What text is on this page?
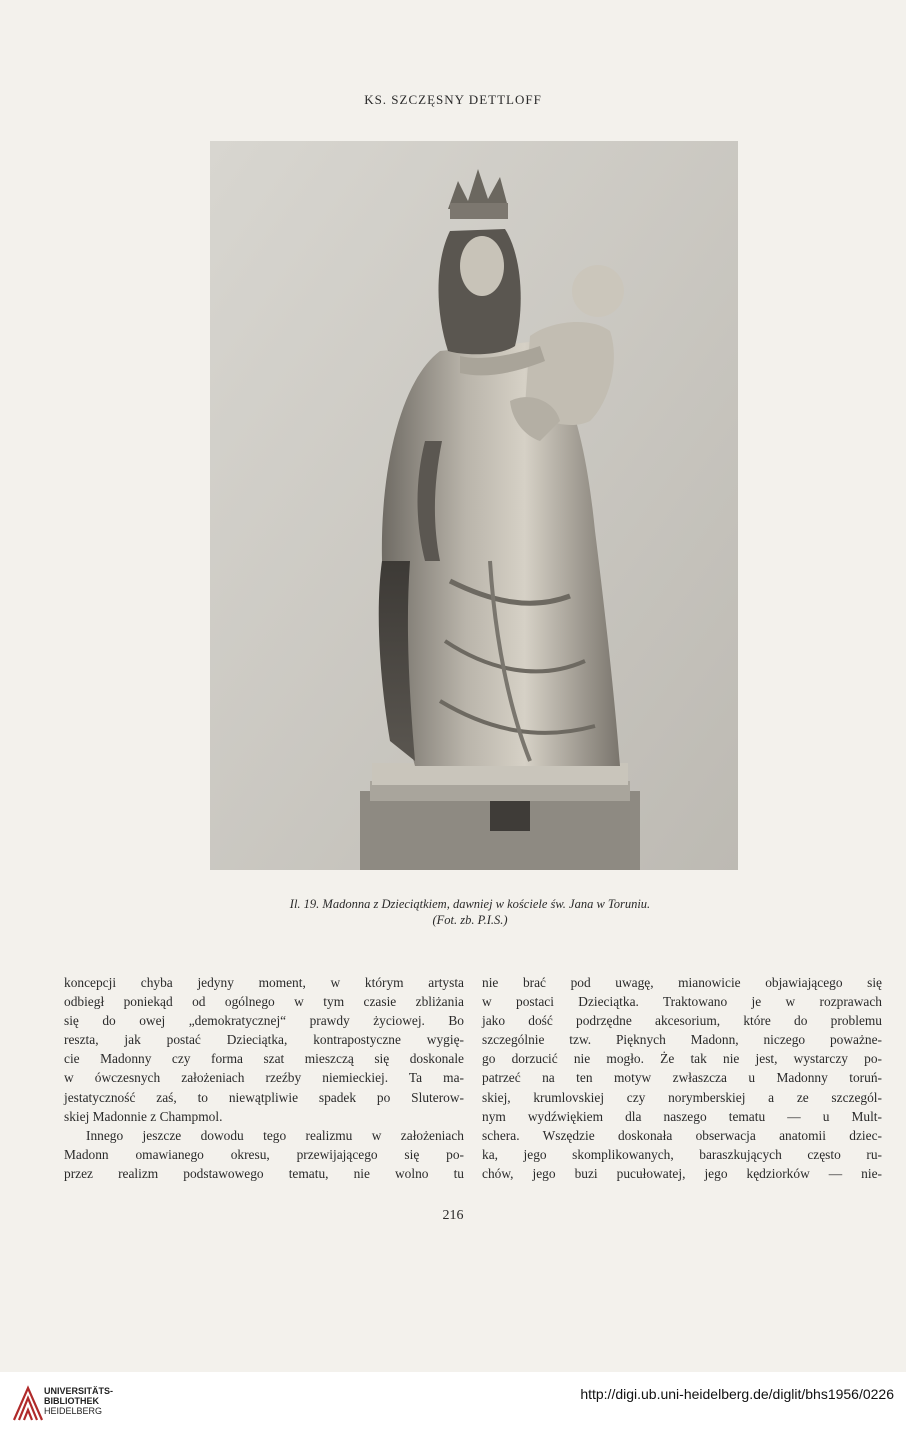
KS. SZCZĘSNY DETTLOFF
Il. 19. Madonna z Dzieciątkiem, dawniej w kościele św. Jana w Toruniu.
(Fot. zb. P.I.S.)
koncepcji chyba jedyny moment, w którym artysta
odbiegł poniekąd od ogólnego w tym czasie zbliżania
się do owej „demokratycznej“ prawdy życiowej. Bo
reszta, jak postać Dzieciątka, kontrapostyczne wygię-
cie Madonny czy forma szat mieszczą się doskonale
w ówczesnych założeniach rzeźby niemieckiej. Ta ma-
jestatyczność zaś, to niewątpliwie spadek po Sluterow-
skiej Madonnie z Champmol.
Innego jeszcze dowodu tego realizmu w założeniach
Madonn omawianego okresu, przewijającego się po-
przez realizm podstawowego tematu, nie wolno tu
nie brać pod uwagę, mianowicie objawiającego się
w postaci Dzieciątka. Traktowano je w rozprawach
jako dość podrzędne akcesorium, które do problemu
szczególnie tzw. Pięknych Madonn, niczego poważne-
go dorzucić nie mogło. Że tak nie jest, wystarczy po-
patrzeć na ten motyw zwłaszcza u Madonny toruń-
skiej, krumlovskiej czy norymberskiej a ze szczegól-
nym wydźwiękiem dla naszego tematu — u Mult-
schera. Wszędzie doskonała obserwacja anatomii dziec-
ka, jego skomplikowanych, baraszkujących często ru-
chów, jego buzi pucułowatej, jego kędziorków — nie-
216
UNIVERSITÄTS-
BIBLIOTHEK
HEIDELBERG
http://digi.ub.uni-heidelberg.de/diglit/bhs1956/0226
